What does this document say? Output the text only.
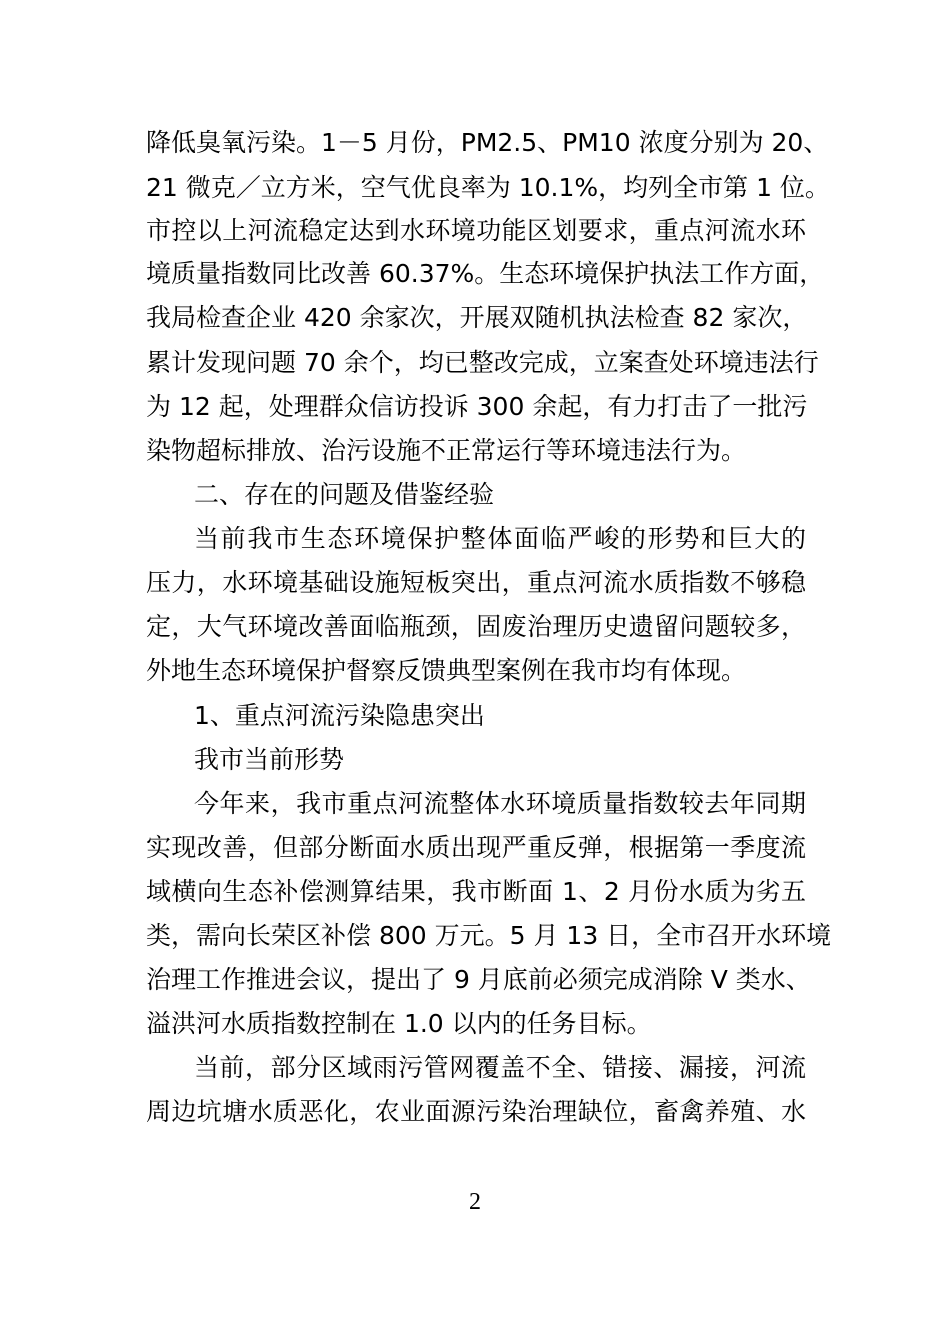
降低臭氧污染。1－5 月份，PM2.5、PM10 浓度分别为 20、
21 微克／立方米，空气优良率为 10.1%，均列全市第 1 位。
市控以上河流稳定达到水环境功能区划要求，重点河流水环
境质量指数同比改善 60.37%。生态环境保护执法工作方面，
我局检查企业 420 余家次，开展双随机执法检查 82 家次，
累计发现问题 70 余个，均已整改完成，立案查处环境违法行
为 12 起，处理群众信访投诉 300 余起，有力打击了一批污
染物超标排放、治污设施不正常运行等环境违法行为。
二、存在的问题及借鉴经验
当前我市生态环境保护整体面临严峻的形势和巨大的
压力，水环境基础设施短板突出，重点河流水质指数不够稳
定，大气环境改善面临瓶颈，固废治理历史遗留问题较多，
外地生态环境保护督察反馈典型案例在我市均有体现。
1、重点河流污染隐患突出
我市当前形势
今年来，我市重点河流整体水环境质量指数较去年同期
实现改善，但部分断面水质出现严重反弹，根据第一季度流
域横向生态补偿测算结果，我市断面 1、2 月份水质为劣五
类，需向长荣区补偿 800 万元。5 月 13 日，全市召开水环境
治理工作推进会议，提出了 9 月底前必须完成消除 V 类水、
溢洪河水质指数控制在 1.0 以内的任务目标。
当前，部分区域雨污管网覆盖不全、错接、漏接，河流
周边坑塘水质恶化，农业面源污染治理缺位，畜禽养殖、水
2
